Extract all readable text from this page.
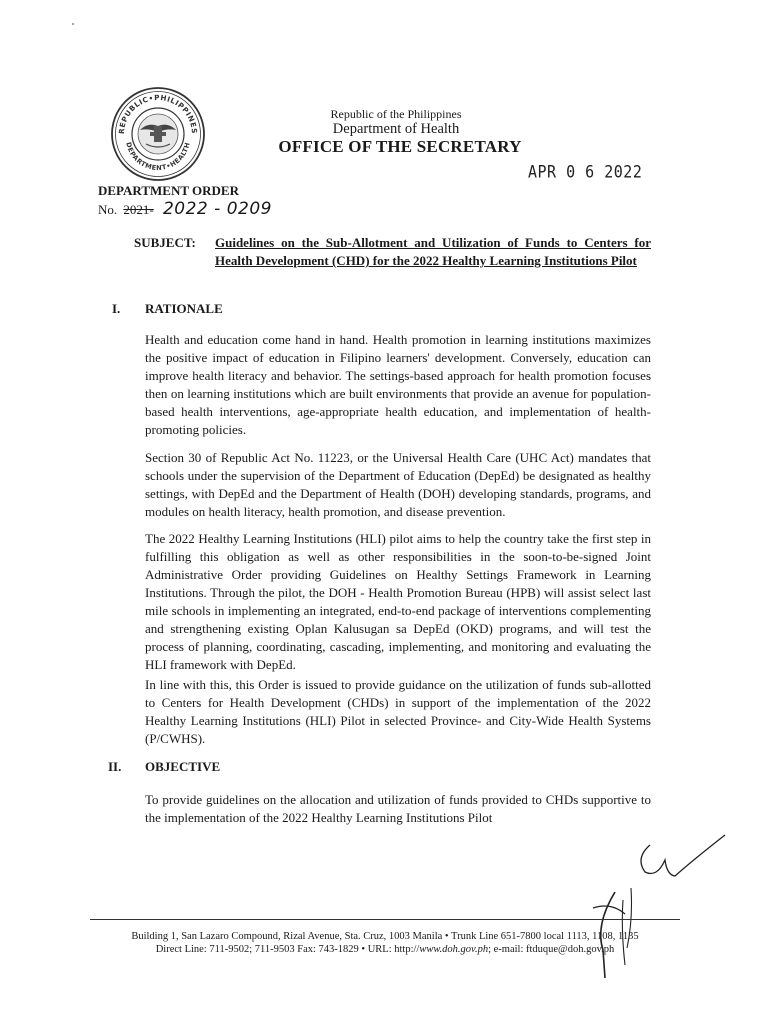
REPUBLIC•PHILIPPINES
DEPARTMENT•HEALTH
Republic of the Philippines
Department of Health
OFFICE OF THE SECRETARY
APR 0 6 2022
DEPARTMENT ORDER
No. 2021- 2022 - 0209
SUBJECT: Guidelines on the Sub-Allotment and Utilization of Funds to Centers for Health Development (CHD) for the 2022 Healthy Learning Institutions Pilot
I. RATIONALE
Health and education come hand in hand. Health promotion in learning institutions maximizes the positive impact of education in Filipino learners' development. Conversely, education can improve health literacy and behavior. The settings-based approach for health promotion focuses then on learning institutions which are built environments that provide an avenue for population-based health interventions, age-appropriate health education, and implementation of health-promoting policies.
Section 30 of Republic Act No. 11223, or the Universal Health Care (UHC Act) mandates that schools under the supervision of the Department of Education (DepEd) be designated as healthy settings, with DepEd and the Department of Health (DOH) developing standards, programs, and modules on health literacy, health promotion, and disease prevention.
The 2022 Healthy Learning Institutions (HLI) pilot aims to help the country take the first step in fulfilling this obligation as well as other responsibilities in the soon-to-be-signed Joint Administrative Order providing Guidelines on Healthy Settings Framework in Learning Institutions. Through the pilot, the DOH - Health Promotion Bureau (HPB) will assist select last mile schools in implementing an integrated, end-to-end package of interventions complementing and strengthening existing Oplan Kalusugan sa DepEd (OKD) programs, and will test the process of planning, coordinating, cascading, implementing, and monitoring and evaluating the HLI framework with DepEd.
In line with this, this Order is issued to provide guidance on the utilization of funds sub-allotted to Centers for Health Development (CHDs) in support of the implementation of the 2022 Healthy Learning Institutions (HLI) Pilot in selected Province- and City-Wide Health Systems (P/CWHS).
II. OBJECTIVE
To provide guidelines on the allocation and utilization of funds provided to CHDs supportive to the implementation of the 2022 Healthy Learning Institutions Pilot
Building 1, San Lazaro Compound, Rizal Avenue, Sta. Cruz, 1003 Manila • Trunk Line 651-7800 local 1113, 1108, 1135
Direct Line: 711-9502; 711-9503 Fax: 743-1829 • URL: http://www.doh.gov.ph; e-mail: ftduque@doh.gov.ph
